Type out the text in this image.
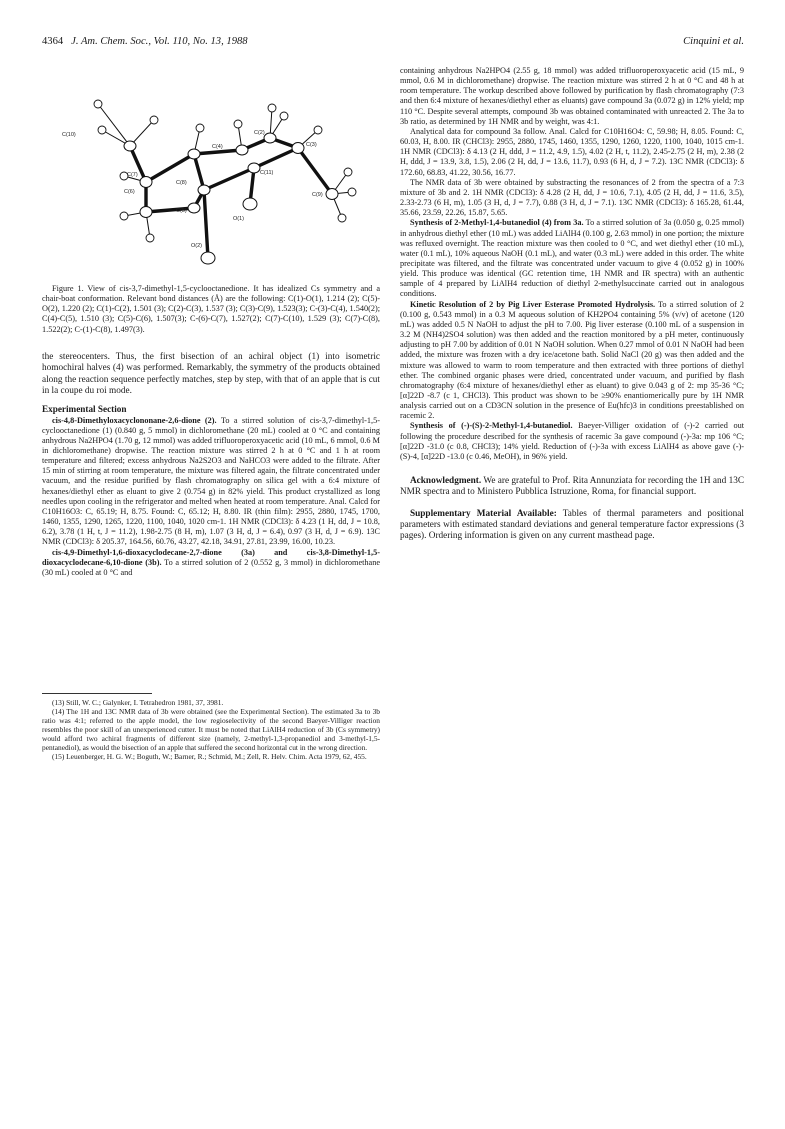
4364 J. Am. Chem. Soc., Vol. 110, No. 13, 1988	Cinquini et al.
C(10)
C(7)
C(4)
C(8)
C(2)
C(3)
C(11)
C(9)
C(6)
C(5)
O(1)
O(2)

Figure 1. View of cis-3,7-dimethyl-1,5-cyclooctanedione. It has idealized Cs symmetry and a chair-boat conformation. Relevant bond distances (Å) are the following: C(1)-O(1), 1.214 (2); C(5)-O(2), 1.220 (2); C(1)-C(2), 1.501 (3); C(2)-C(3), 1.537 (3); C(3)-C(9), 1.523(3); C-(3)-C(4), 1.540(2); C(4)-C(5), 1.510 (3); C(5)-C(6), 1.507(3); C-(6)-C(7), 1.527(2); C(7)-C(10), 1.529 (3); C(7)-C(8), 1.522(2); C-(1)-C(8), 1.497(3).

the stereocenters. Thus, the first bisection of an achiral object (1) into isometric homochiral halves (4) was performed. Remarkably, the symmetry of the products obtained along the reaction sequence perfectly matches, step by step, with that of an apple that is cut in la coupe du roi mode.

Experimental Section

cis-4,8-Dimethyloxacyclononane-2,6-dione (2). To a stirred solution of cis-3,7-dimethyl-1,5-cyclooctanedione (1) (0.840 g, 5 mmol) in dichloromethane (20 mL) cooled at 0 °C and containing anhydrous Na2HPO4 (1.70 g, 12 mmol) was added trifluoroperoxyacetic acid (10 mL, 6 mmol, 0.6 M in dichloromethane) dropwise. The reaction mixture was stirred 2 h at 0 °C and 1 h at room temperature and filtered; excess anhydrous Na2S2O3 and NaHCO3 were added to the filtrate. After 15 min of stirring at room temperature, the mixture was filtered again, the filtrate concentrated under vacuum, and the residue purified by flash chromatography on silica gel with a 6:4 mixture of hexanes/diethyl ether as eluant to give 2 (0.754 g) in 82% yield. This product crystallized as long needles upon cooling in the refrigerator and melted when heated at room temperature. Anal. Calcd for C10H16O3: C, 65.19; H, 8.75. Found: C, 65.12; H, 8.80. IR (thin film): 2955, 2880, 1745, 1700, 1460, 1355, 1290, 1265, 1220, 1100, 1040, 1020 cm-1. 1H NMR (CDCl3): δ 4.23 (1 H, dd, J = 10.8, 6.2), 3.78 (1 H, t, J = 11.2), 1.98-2.75 (8 H, m), 1.07 (3 H, d, J = 6.4), 0.97 (3 H, d, J = 6.9). 13C NMR (CDCl3): δ 205.37, 164.56, 60.76, 43.27, 42.18, 34.91, 27.81, 23.99, 16.00, 10.23.

cis-4,9-Dimethyl-1,6-dioxacyclodecane-2,7-dione (3a) and cis-3,8-Dimethyl-1,5-dioxacyclodecane-6,10-dione (3b). To a stirred solution of 2 (0.552 g, 3 mmol) in dichloromethane (30 mL) cooled at 0 °C and

(13) Still, W. C.; Galynker, I. Tetrahedron 1981, 37, 3981.

(14) The 1H and 13C NMR data of 3b were obtained (see the Experimental Section). The estimated 3a to 3b ratio was 4:1; referred to the apple model, the low regioselectivity of the second Baeyer-Villiger reaction resembles the poor skill of an unexperienced cutter. It must be noted that LiAlH4 reduction of 3b (Cs symmetry) would afford two achiral fragments of different size (namely, 2-methyl-1,3-propanediol and 3-methyl-1,5-pentanediol), as would the bisection of an apple that suffered the second horizontal cut in the wrong direction.

(15) Leuenberger, H. G. W.; Boguth, W.; Barner, R.; Schmid, M.; Zell, R. Helv. Chim. Acta 1979, 62, 455.

containing anhydrous Na2HPO4 (2.55 g, 18 mmol) was added trifluoroperoxyacetic acid (15 mL, 9 mmol, 0.6 M in dichloromethane) dropwise. The reaction mixture was stirred 2 h at 0 °C and 48 h at room temperature. The workup described above followed by purification by flash chromatography (7:3 and then 6:4 mixture of hexanes/diethyl ether as eluants) gave compound 3a (0.072 g) in 12% yield; mp 110 °C. Despite several attempts, compound 3b was obtained contaminated with unreacted 2. The 3a to 3b ratio, as determined by 1H NMR and by weight, was 4:1.

Analytical data for compound 3a follow. Anal. Calcd for C10H16O4: C, 59.98; H, 8.05. Found: C, 60.03, H, 8.00. IR (CHCl3): 2955, 2880, 1745, 1460, 1355, 1290, 1260, 1220, 1100, 1040, 1015 cm-1. 1H NMR (CDCl3): δ 4.13 (2 H, ddd, J = 11.2, 4.9, 1.5), 4.02 (2 H, t, 11.2), 2.45-2.75 (2 H, m), 2.38 (2 H, ddd, J = 13.9, 3.8, 1.5), 2.06 (2 H, dd, J = 13.6, 11.7), 0.93 (6 H, d, J = 7.2). 13C NMR (CDCl3): δ 172.60, 68.83, 41.22, 30.56, 16.77.

The NMR data of 3b were obtained by substracting the resonances of 2 from the spectra of a 7:3 mixture of 3b and 2. 1H NMR (CDCl3): δ 4.28 (2 H, dd, J = 10.6, 7.1), 4.05 (2 H, dd, J = 11.6, 3.5), 2.33-2.73 (6 H, m), 1.05 (3 H, d, J = 7.7), 0.88 (3 H, d, J = 7.1). 13C NMR (CDCl3): δ 165.28, 61.44, 35.66, 23.59, 22.26, 15.87, 5.65.

Synthesis of 2-Methyl-1,4-butanediol (4) from 3a. To a stirred solution of 3a (0.050 g, 0.25 mmol) in anhydrous diethyl ether (10 mL) was added LiAlH4 (0.100 g, 2.63 mmol) in one portion; the mixture was refluxed overnight. The reaction mixture was then cooled to 0 °C, and wet diethyl ether (10 mL), water (0.1 mL), 10% aqueous NaOH (0.1 mL), and water (0.3 mL) were added in this order. The white precipitate was filtered, and the filtrate was concentrated under vacuum to give 4 (0.052 g) in 100% yield. This produce was identical (GC retention time, 1H NMR and IR spectra) with an authentic sample of 4 prepared by LiAlH4 reduction of diethyl 2-methylsuccinate carried out in analogous conditions.

Kinetic Resolution of 2 by Pig Liver Esterase Promoted Hydrolysis. To a stirred solution of 2 (0.100 g, 0.543 mmol) in a 0.3 M aqueous solution of KH2PO4 containing 5% (v/v) of acetone (120 mL) was added 0.5 N NaOH to adjust the pH to 7.00. Pig liver esterase (0.100 mL of a suspension in 3.2 M (NH4)2SO4 solution) was then added and the reaction monitored by a pH meter, continuously adjusting to pH 7.00 by addition of 0.01 N NaOH solution. When 0.27 mmol of 0.01 N NaOH had been added, the mixture was frozen with a dry ice/acetone bath. Solid NaCl (20 g) was then added and the mixture was allowed to warm to room temperature and then extracted with three portions of diethyl ether. The combined organic phases were dried, concentrated under vacuum, and purified by flash chromatography (6:4 mixture of hexanes/diethyl ether as eluant) to give 0.043 g of 2: mp 35-36 °C; [α]22D -8.7 (c 1, CHCl3). This product was shown to be ≥90% enantiomerically pure by 1H NMR analysis carried out on a CD3CN solution in the presence of Eu(hfc)3 in conditions preestablished on racemic 2.

Synthesis of (-)-(S)-2-Methyl-1,4-butanediol. Baeyer-Villiger oxidation of (-)-2 carried out following the procedure described for the synthesis of racemic 3a gave compound (-)-3a: mp 106 °C; [α]22D -31.0 (c 0.8, CHCl3); 14% yield. Reduction of (-)-3a with excess LiAlH4 as above gave (-)-(S)-4, [α]22D -13.0 (c 0.46, MeOH), in 96% yield.

Acknowledgment. We are grateful to Prof. Rita Annunziata for recording the 1H and 13C NMR spectra and to Ministero Pubblica Istruzione, Roma, for financial support.

Supplementary Material Available: Tables of thermal parameters and positional parameters with estimated standard deviations and general temperature factor expressions (3 pages). Ordering information is given on any current masthead page.
